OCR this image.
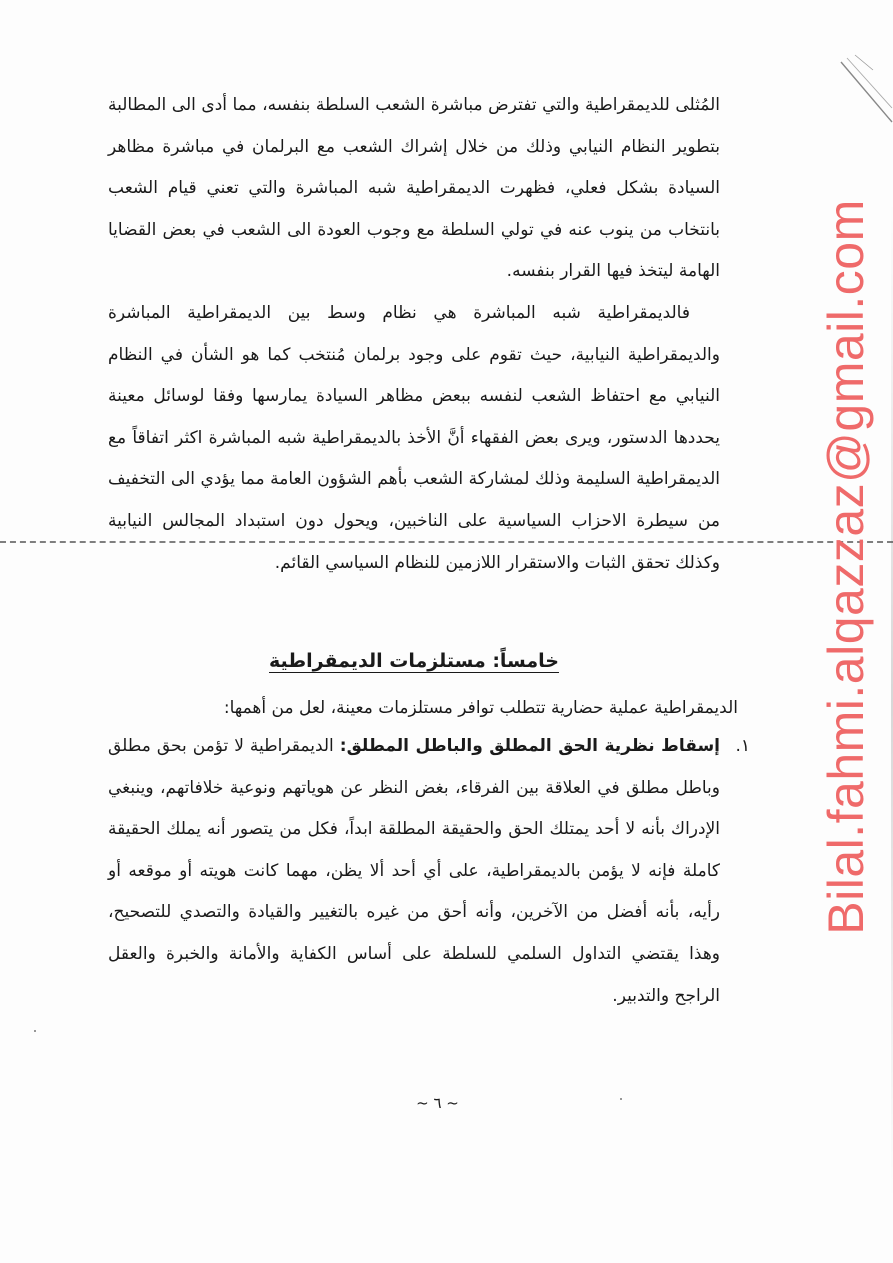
المُثلى للديمقراطية والتي تفترض مباشرة الشعب السلطة بنفسه، مما أدى الى المطالبة بتطوير النظام النيابي وذلك من خلال إشراك الشعب مع البرلمان في مباشرة مظاهر السيادة بشكل فعلي، فظهرت الديمقراطية شبه المباشرة والتي تعني قيام الشعب بانتخاب من ينوب عنه في تولي السلطة مع وجوب العودة الى الشعب في بعض القضايا الهامة ليتخذ فيها القرار بنفسه.

فالديمقراطية شبه المباشرة هي نظام وسط بين الديمقراطية المباشرة والديمقراطية النيابية، حيث تقوم على وجود برلمان مُنتخب كما هو الشأن في النظام النيابي مع احتفاظ الشعب لنفسه ببعض مظاهر السيادة يمارسها وفقا لوسائل معينة يحددها الدستور، ويرى بعض الفقهاء أنَّ الأخذ بالديمقراطية شبه المباشرة اكثر اتفاقاً مع الديمقراطية السليمة وذلك لمشاركة الشعب بأهم الشؤون العامة مما يؤدي الى التخفيف من سيطرة الاحزاب السياسية على الناخبين، ويحول دون استبداد المجالس النيابية وكذلك تحقق الثبات والاستقرار اللازمين للنظام السياسي القائم.

خامساً: مستلزمات الديمقراطية

الديمقراطية عملية حضارية تتطلب توافر مستلزمات معينة، لعل من أهمها:

١.
إسقاط نظرية الحق المطلق والباطل المطلق: الديمقراطية لا تؤمن بحق مطلق وباطل مطلق في العلاقة بين الفرقاء، بغض النظر عن هوياتهم ونوعية خلافاتهم، وينبغي الإدراك بأنه لا أحد يمتلك الحق والحقيقة المطلقة ابداً، فكل من يتصور أنه يملك الحقيقة كاملة فإنه لا يؤمن بالديمقراطية، على أي أحد ألا يظن، مهما كانت هويته أو موقعه أو رأيه، بأنه أفضل من الآخرين، وأنه أحق من غيره بالتغيير والقيادة والتصدي للتصحيح، وهذا يقتضي التداول السلمي للسلطة على أساس الكفاية والأمانة والخبرة والعقل الراجح والتدبير.
~ ٦ ~
Bilal.fahmi.alqazzaz@gmail.com
